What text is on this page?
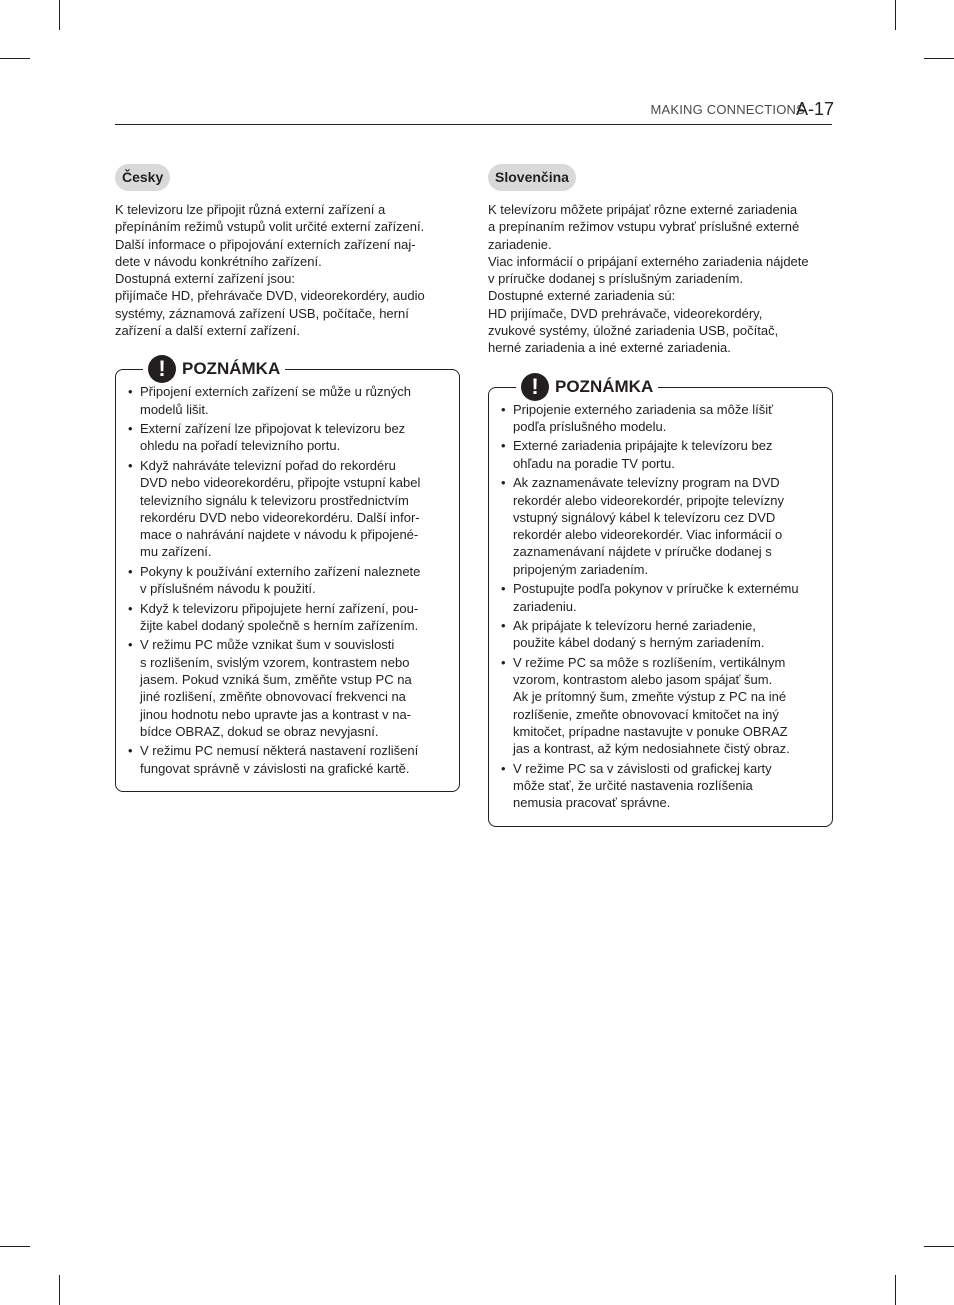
MAKING CONNECTIONS
A-17
Česky

K televizoru lze připojit různá externí zařízení a

přepínáním režimů vstupů volit určité externí zařízení.

Další informace o připojování externích zařízení naj-

dete v návodu konkrétního zařízení.

Dostupná externí zařízení jsou:

přijímače HD, přehrávače DVD, videorekordéry, audio

systémy, záznamová zařízení USB, počítače, herní

zařízení a další externí zařízení.

! POZNÁMKA
• Připojení externích zařízení se může u různých
modelů lišit.
• Externí zařízení lze připojovat k televizoru bez
ohledu na pořadí televizního portu.
• Když nahráváte televizní pořad do rekordéru
DVD nebo videorekordéru, připojte vstupní kabel
televizního signálu k televizoru prostřednictvím
rekordéru DVD nebo videorekordéru. Další infor-
mace o nahrávání najdete v návodu k připojené-
mu zařízení.
• Pokyny k používání externího zařízení naleznete
v příslušném návodu k použití.
• Když k televizoru připojujete herní zařízení, pou-
žijte kabel dodaný společně s herním zařízením.
• V režimu PC může vznikat šum v souvislosti
s rozlišením, svislým vzorem, kontrastem nebo
jasem. Pokud vzniká šum, změňte vstup PC na
jiné rozlišení, změňte obnovovací frekvenci na
jinou hodnotu nebo upravte jas a kontrast v na-
bídce OBRAZ, dokud se obraz nevyjasní.
• V režimu PC nemusí některá nastavení rozlišení
fungovat správně v závislosti na grafické kartě.
Slovenčina

K televízoru môžete pripájať rôzne externé zariadenia

a prepínaním režimov vstupu vybrať príslušné externé

zariadenie.

Viac informácií o pripájaní externého zariadenia nájdete

v príručke dodanej s príslušným zariadením.

Dostupné externé zariadenia sú:

HD prijímače, DVD prehrávače, videorekordéry,

zvukové systémy, úložné zariadenia USB, počítač,

herné zariadenia a iné externé zariadenia.

! POZNÁMKA
• Pripojenie externého zariadenia sa môže líšiť
podľa príslušného modelu.
• Externé zariadenia pripájajte k televízoru bez
ohľadu na poradie TV portu.
• Ak zaznamenávate televízny program na DVD
rekordér alebo videorekordér, pripojte televízny
vstupný signálový kábel k televízoru cez DVD
rekordér alebo videorekordér. Viac informácií o
zaznamenávaní nájdete v príručke dodanej s
pripojeným zariadením.
• Postupujte podľa pokynov v príručke k externému
zariadeniu.
• Ak pripájate k televízoru herné zariadenie,
použite kábel dodaný s herným zariadením.
• V režime PC sa môže s rozlíšením, vertikálnym
vzorom, kontrastom alebo jasom spájať šum.
Ak je prítomný šum, zmeňte výstup z PC na iné
rozlíšenie, zmeňte obnovovací kmitočet na iný
kmitočet, prípadne nastavujte v ponuke OBRAZ
jas a kontrast, až kým nedosiahnete čistý obraz.
• V režime PC sa v závislosti od grafickej karty
môže stať, že určité nastavenia rozlíšenia
nemusia pracovať správne.
